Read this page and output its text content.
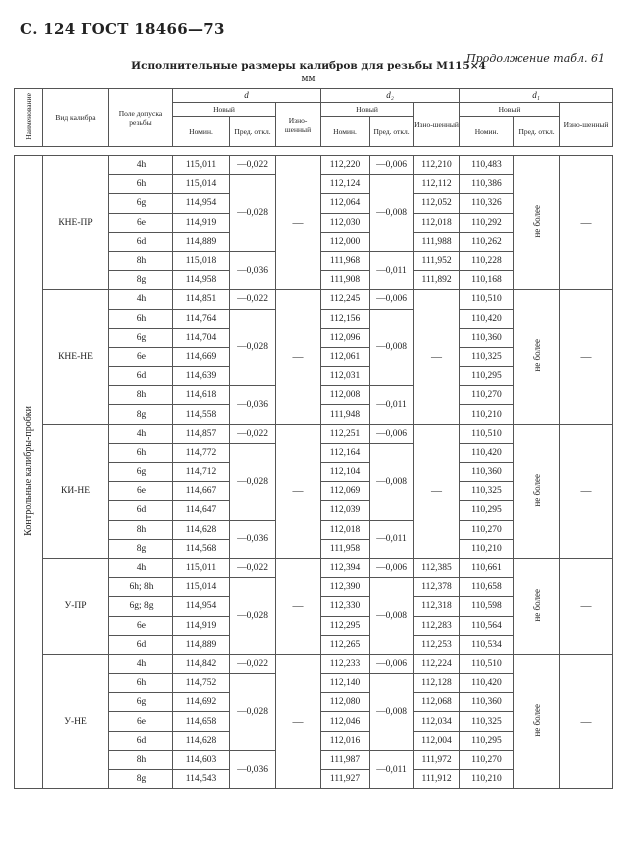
С. 124 ГОСТ 18466—73
Продолжение табл. 61
Исполнительные размеры калибров для резьбы М115×4
мм
Наименование	Вид калибра	Поле допуска резьбы	d			d₂			d₁		
			Новый		Изно-шенный	Новый		Изно-шенный	Новый		Изно-шенный
			Номин.	Пред. откл.		Номин.	Пред. откл.		Номин.	Пред. откл.	

Контрольные калибры-пробки	КНЕ-ПР	4h	115,011	—0,022	—	112,220	—0,006	112,210	110,483	не более	—
		6h	115,014	—0,028		112,124	—0,008	112,112	110,386		
		6g	114,954			112,064		112,052	110,326		
		6e	114,919			112,030		112,018	110,292		
		6d	114,889			112,000		111,988	110,262		
		8h	115,018	—0,036		111,968	—0,011	111,952	110,228		
		8g	114,958			111,908		111,892	110,168		
	КНЕ-НЕ	4h	114,851	—0,022	—	112,245	—0,006	—	110,510	не более	—
		6h	114,764	—0,028		112,156	—0,008		110,420		
		6g	114,704			112,096			110,360		
		6e	114,669			112,061			110,325		
		6d	114,639			112,031			110,295		
		8h	114,618	—0,036		112,008	—0,011		110,270		
		8g	114,558			111,948			110,210		
	КИ-НЕ	4h	114,857	—0,022	—	112,251	—0,006	—	110,510	не более	—
		6h	114,772	—0,028		112,164	—0,008		110,420		
		6g	114,712			112,104			110,360		
		6e	114,667			112,069			110,325		
		6d	114,647			112,039			110,295		
		8h	114,628	—0,036		112,018	—0,011		110,270		
		8g	114,568			111,958			110,210		
	У-ПР	4h	115,011	—0,022	—	112,394	—0,006	112,385	110,661	не более	—
		6h; 8h	115,014	—0,028		112,390	—0,008	112,378	110,658		
		6g; 8g	114,954			112,330		112,318	110,598		
		6e	114,919			112,295		112,283	110,564		
		6d	114,889			112,265		112,253	110,534		
	У-НЕ	4h	114,842	—0,022	—	112,233	—0,006	112,224	110,510	не более	—
		6h	114,752	—0,028		112,140	—0,008	112,128	110,420		
		6g	114,692			112,080		112,068	110,360		
		6e	114,658			112,046		112,034	110,325		
		6d	114,628			112,016		112,004	110,295		
		8h	114,603	—0,036		111,987	—0,011	111,972	110,270		
		8g	114,543			111,927		111,912	110,210		
